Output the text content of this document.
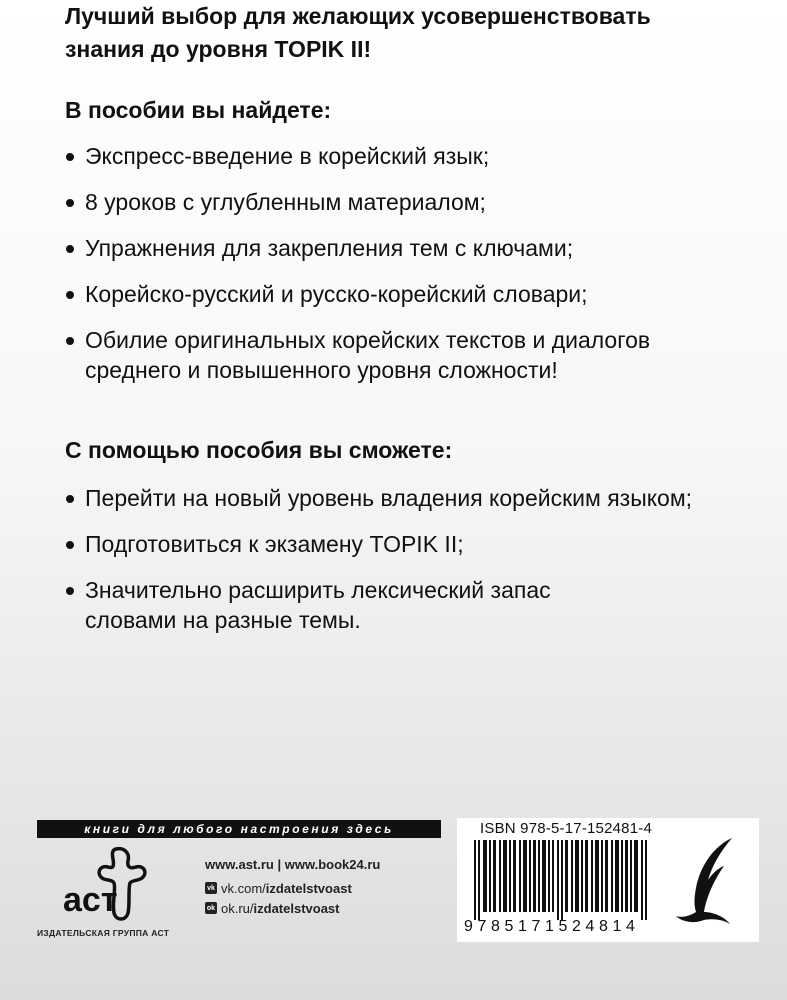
Лучший выбор для желающих усовершенствовать
знания до уровня TOPIK II!
В пособии вы найдете:
Экспресс-введение в корейский язык;
8 уроков с углубленным материалом;
Упражнения для закрепления тем с ключами;
Корейско-русский и русско-корейский словари;
Обилие оригинальных корейских текстов и диалогов среднего и повышенного уровня сложности!
С помощью пособия вы сможете:
Перейти на новый уровень владения корейским языком;
Подготовиться к экзамену TOPIK II;
Значительно расширить лексический запас словами на разные темы.
книги для любого настроения здесь
аст
ИЗДАТЕЛЬСКАЯ ГРУППА АСТ
www.ast.ru | www.book24.ru
vk vk.com/ izdatelstvoast
ok ok.ru/ izdatelstvoast
ISBN 978-5-17-152481-4
9785171524814
